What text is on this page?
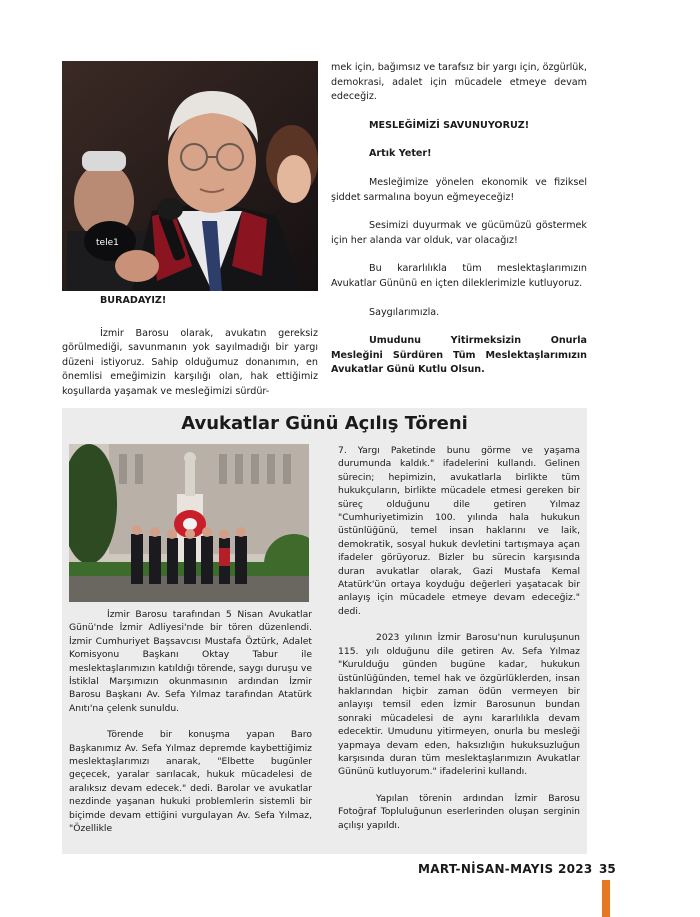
tele1

BURADAYIZ!

İzmir Barosu olarak, avukatın gereksiz görülmediği, savunmanın yok sayılmadığı bir yargı düzeni istiyoruz. Sahip olduğumuz donanımın, en önemlisi emeğimizin karşılığı olan, hak ettiğimiz koşullarda yaşamak ve mesleğimizi sürdür-

mek için, bağımsız ve tarafsız bir yargı için, özgürlük, demokrasi, adalet için mücadele etmeye devam edeceğiz.

MESLEĞİMİZİ SAVUNUYORUZ!

Artık Yeter!

Mesleğimize yönelen ekonomik ve fiziksel şiddet sarmalına boyun eğmeyeceğiz!

Sesimizi duyurmak ve gücümüzü göstermek için her alanda var olduk, var olacağız!

Bu kararlılıkla tüm meslektaşlarımızın Avukatlar Gününü en içten dileklerimizle kutluyoruz.

Saygılarımızla.

Umudunu Yitirmeksizin Onurla Mesleğini Sürdüren Tüm Meslektaşlarımızın Avukatlar Günü Kutlu Olsun.

Avukatlar Günü Açılış Töreni

İzmir Barosu tarafından 5 Nisan Avukatlar Günü'nde İzmir Adliyesi'nde bir tören düzenlendi. İzmir Cumhuriyet Başsavcısı Mustafa Öztürk, Adalet Komisyonu Başkanı Oktay Tabur ile meslektaşlarımızın katıldığı törende, saygı duruşu ve İstiklal Marşımızın okunmasının ardından İzmir Barosu Başkanı Av. Sefa Yılmaz tarafından Atatürk Anıtı'na çelenk sunuldu.

Törende bir konuşma yapan Baro Başkanımız Av. Sefa Yılmaz depremde kaybettiğimiz meslektaşlarımızı anarak, "Elbette bugünler geçecek, yaralar sarılacak, hukuk mücadelesi de aralıksız devam edecek." dedi. Barolar ve avukatlar nezdinde yaşanan hukuki problemlerin sistemli bir biçimde devam ettiğini vurgulayan Av. Sefa Yılmaz, "Özellikle

7. Yargı Paketinde bunu görme ve yaşama durumunda kaldık." ifadelerini kullandı. Gelinen sürecin; hepimizin, avukatlarla birlikte tüm hukukçuların, birlikte mücadele etmesi gereken bir süreç olduğunu dile getiren Yılmaz "Cumhuriyetimizin 100. yılında hala hukukun üstünlüğünü, temel insan haklarını ve laik, demokratik, sosyal hukuk devletini tartışmaya açan ifadeler görüyoruz. Bizler bu sürecin karşısında duran avukatlar olarak, Gazi Mustafa Kemal Atatürk'ün ortaya koyduğu değerleri yaşatacak bir anlayış için mücadele etmeye devam edeceğiz." dedi.

2023 yılının İzmir Barosu'nun kuruluşunun 115. yılı olduğunu dile getiren Av. Sefa Yılmaz "Kurulduğu günden bugüne kadar, hukukun üstünlüğünden, temel hak ve özgürlüklerden, insan haklarından hiçbir zaman ödün vermeyen bir anlayışı temsil eden İzmir Barosunun bundan sonraki mücadelesi de aynı kararlılıkla devam edecektir. Umudunu yitirmeyen, onurla bu mesleği yapmaya devam eden, haksızlığın hukuksuzluğun karşısında duran tüm meslektaşlarımızın Avukatlar Gününü kutluyorum." ifadelerini kullandı.

Yapılan törenin ardından İzmir Barosu Fotoğraf Topluluğunun eserlerinden oluşan serginin açılışı yapıldı.

MART-NİSAN-MAYIS 2023 35
